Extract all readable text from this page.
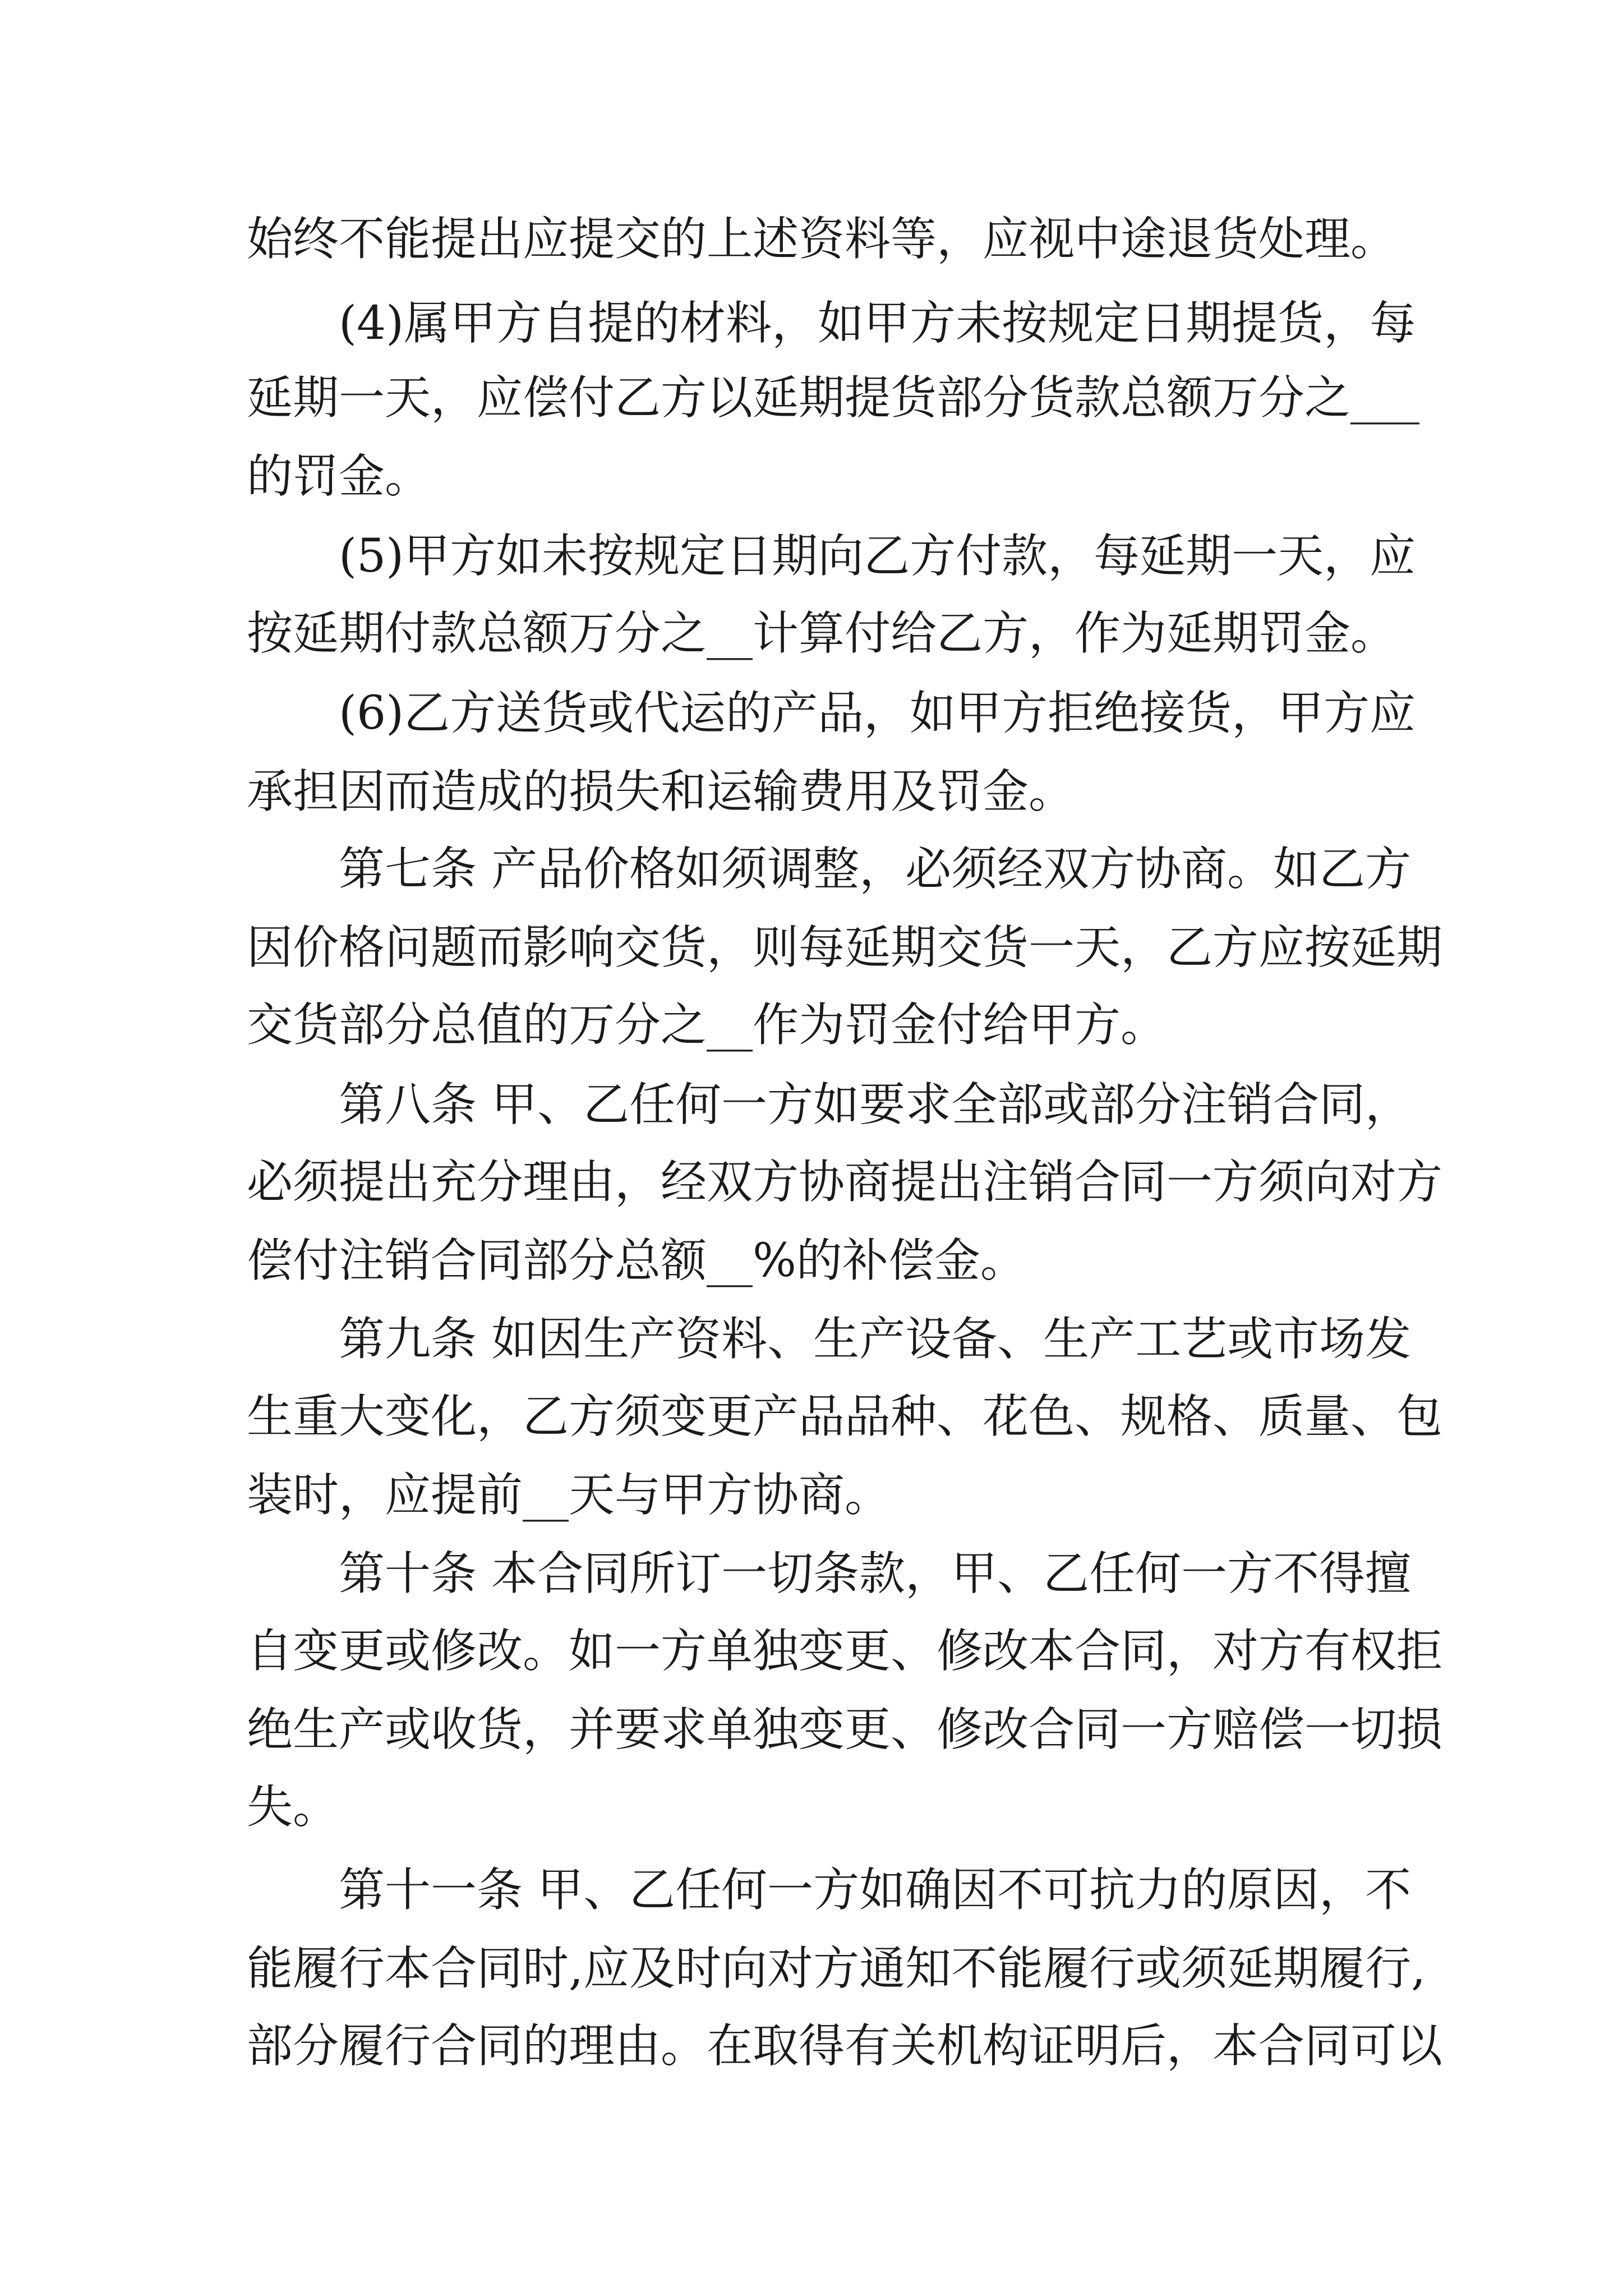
始终不能提出应提交的上述资料等，应视中途退货处理。
(4)属甲方自提的材料，如甲方未按规定日期提货，每
延期一天，应偿付乙方以延期提货部分货款总额万分之___
的罚金。
(5)甲方如未按规定日期向乙方付款，每延期一天，应
按延期付款总额万分之__计算付给乙方，作为延期罚金。
(6)乙方送货或代运的产品，如甲方拒绝接货，甲方应
承担因而造成的损失和运输费用及罚金。
第七条 产品价格如须调整，必须经双方协商。如乙方
因价格问题而影响交货，则每延期交货一天，乙方应按延期
交货部分总值的万分之__作为罚金付给甲方。
第八条 甲、乙任何一方如要求全部或部分注销合同，
必须提出充分理由，经双方协商提出注销合同一方须向对方
偿付注销合同部分总额__%的补偿金。
第九条 如因生产资料、生产设备、生产工艺或市场发
生重大变化，乙方须变更产品品种、花色、规格、质量、包
装时，应提前__天与甲方协商。
第十条 本合同所订一切条款，甲、乙任何一方不得擅
自变更或修改。如一方单独变更、修改本合同，对方有权拒
绝生产或收货，并要求单独变更、修改合同一方赔偿一切损
失。
第十一条 甲、乙任何一方如确因不可抗力的原因，不
能履行本合同时,应及时向对方通知不能履行或须延期履行,
部分履行合同的理由。在取得有关机构证明后，本合同可以
